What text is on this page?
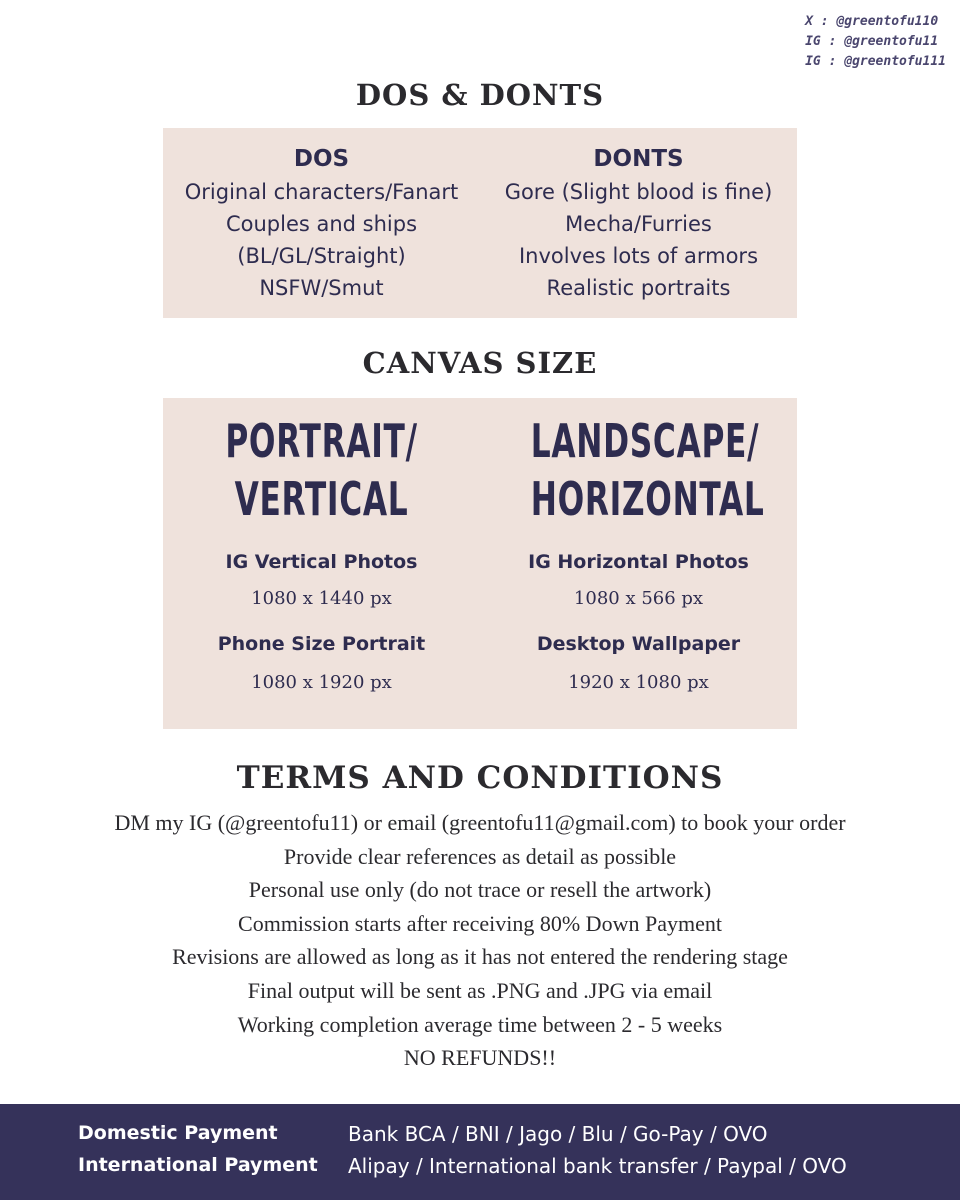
X : @greentofu110
IG : @greentofu11
IG : @greentofu111
DOS & DONTS
DOS
Original characters/Fanart
Couples and ships
(BL/GL/Straight)
NSFW/Smut
DONTS
Gore (Slight blood is fine)
Mecha/Furries
Involves lots of armors
Realistic portraits
CANVAS SIZE
PORTRAIT/
VERTICAL
IG Vertical Photos
1080 x 1440 px
Phone Size Portrait
1080 x 1920 px
LANDSCAPE/
HORIZONTAL
IG Horizontal Photos
1080 x 566 px
Desktop Wallpaper
1920 x 1080 px
TERMS AND CONDITIONS
DM my IG (@greentofu11) or email (greentofu11@gmail.com) to book your order
Provide clear references as detail as possible
Personal use only (do not trace or resell the artwork)
Commission starts after receiving 80% Down Payment
Revisions are allowed as long as it has not entered the rendering stage
Final output will be sent as .PNG and .JPG via email
Working completion average time between 2 - 5 weeks
NO REFUNDS!!
Domestic Payment	Bank BCA / BNI / Jago / Blu / Go-Pay / OVO
International Payment Alipay / International bank transfer / Paypal / OVO
